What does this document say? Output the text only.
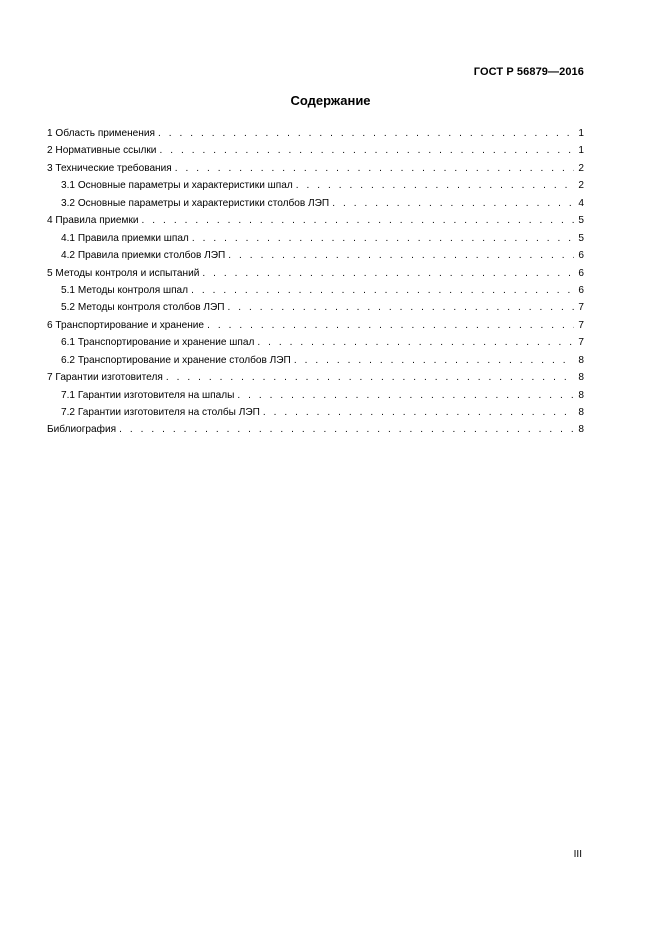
ГОСТ Р 56879—2016
Содержание
1 Область применения . . .	1
2 Нормативные ссылки . . .	1
3 Технические требования . . .	2
3.1 Основные параметры и характеристики шпал . . .	2
3.2 Основные параметры и характеристики столбов ЛЭП . . .	4
4 Правила приемки . . .	5
4.1 Правила приемки шпал . . .	5
4.2 Правила приемки столбов ЛЭП . . .	6
5 Методы контроля и испытаний . . .	6
5.1 Методы контроля шпал . . .	6
5.2 Методы контроля столбов ЛЭП . . .	7
6 Транспортирование и хранение . . .	7
6.1 Транспортирование и хранение шпал . . .	7
6.2 Транспортирование и хранение столбов ЛЭП . . .	8
7 Гарантии изготовителя . . .	8
7.1 Гарантии изготовителя на шпалы . . .	8
7.2 Гарантии изготовителя на столбы ЛЭП . . .	8
Библиография . . .	8
III
